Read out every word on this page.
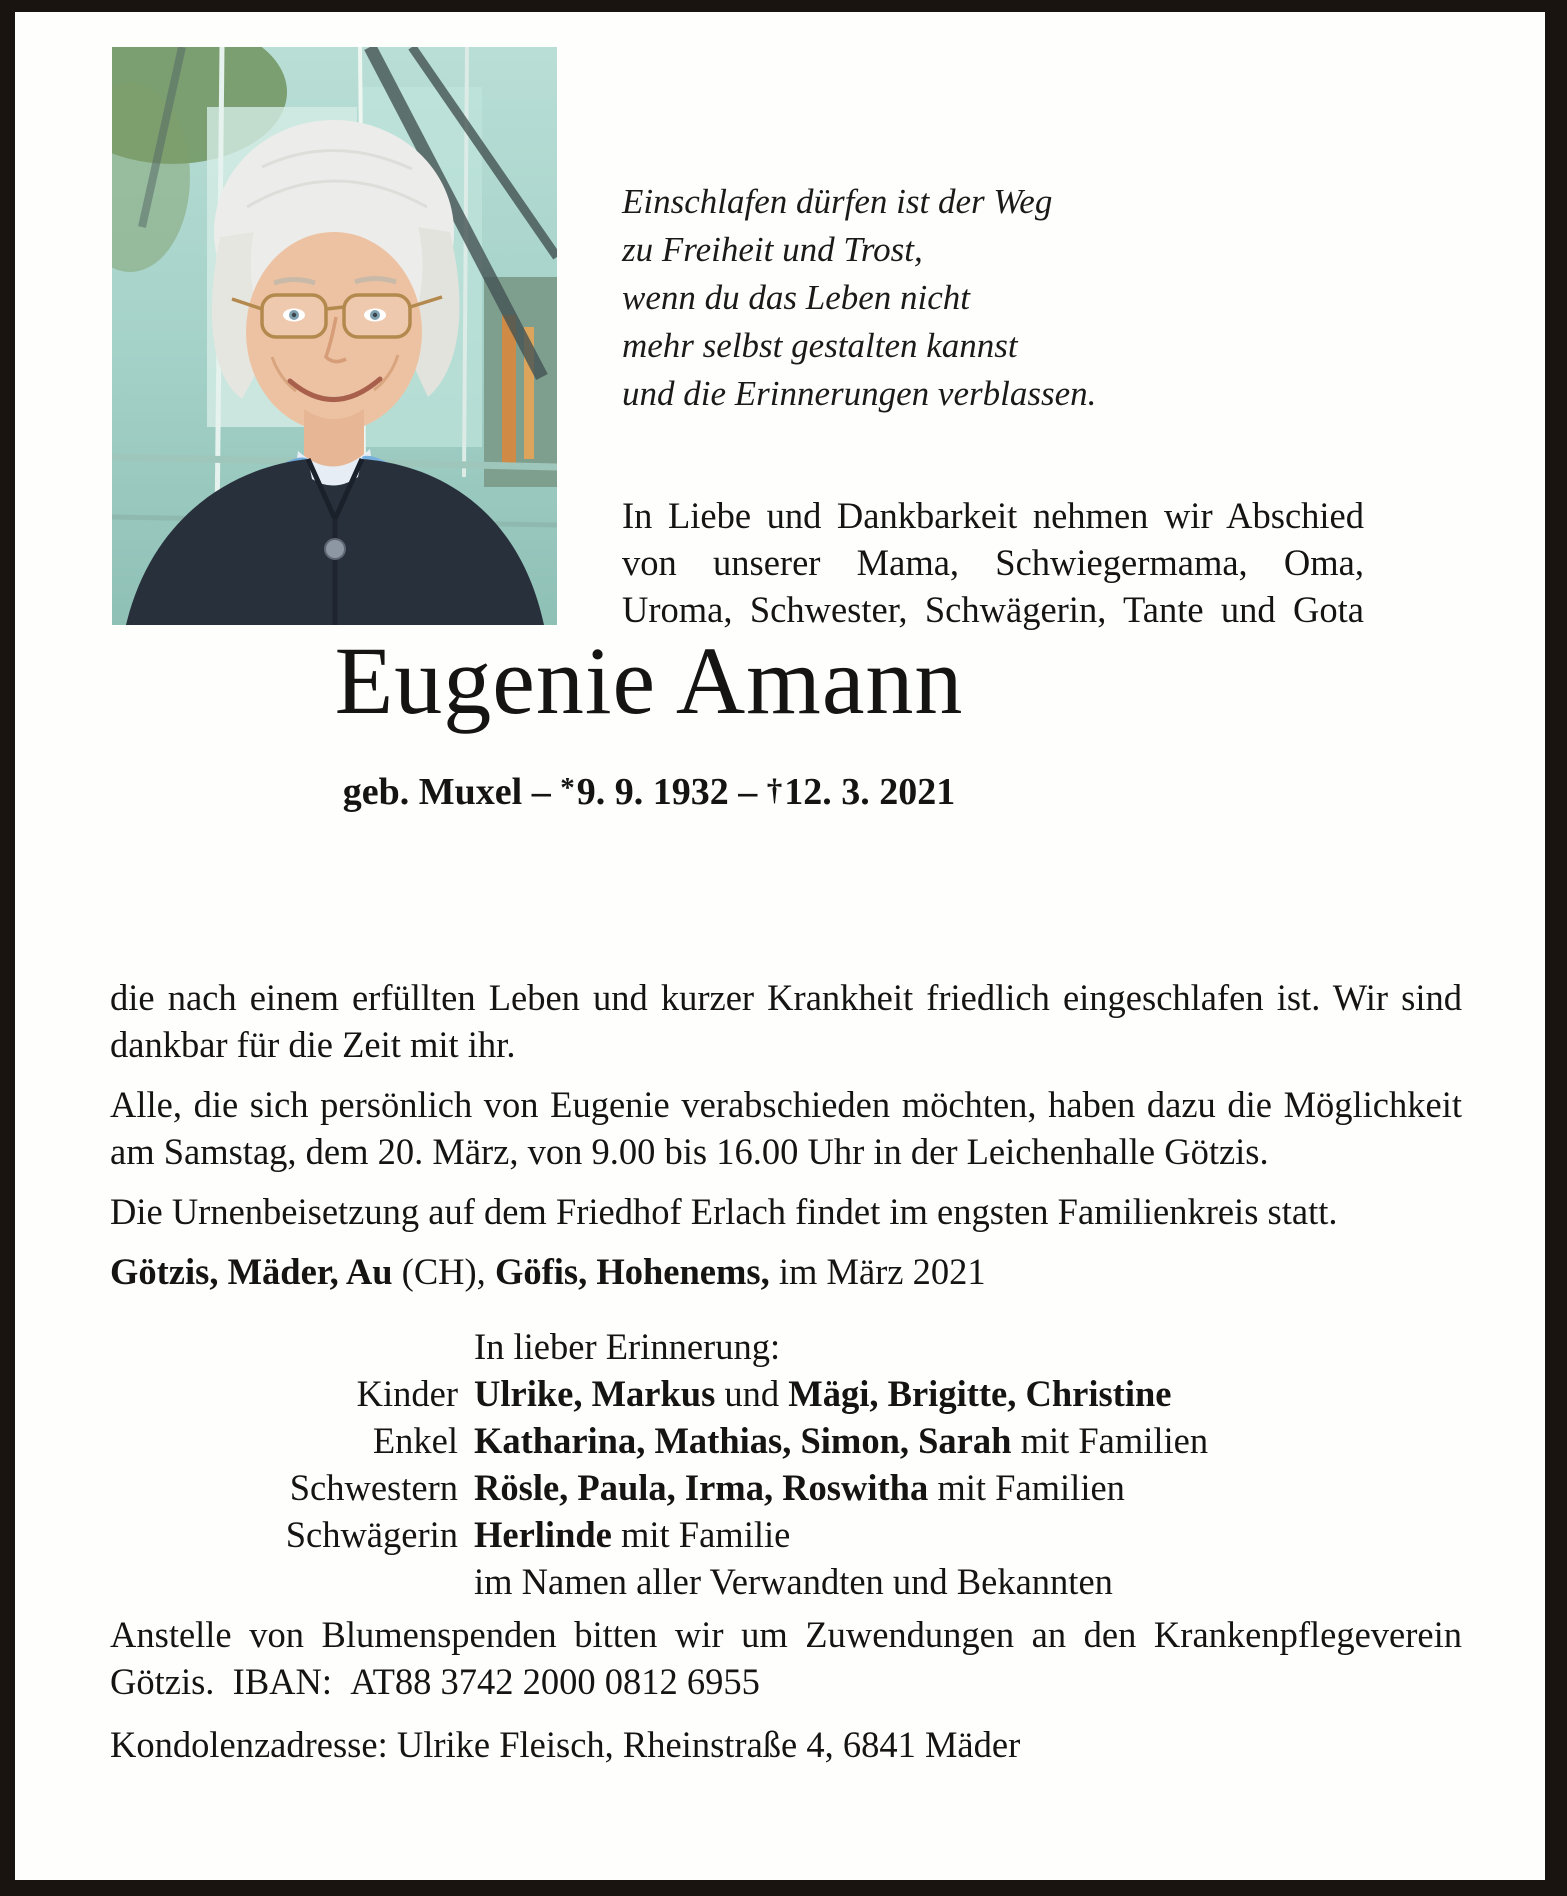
Einschlafen dürfen ist der Weg
zu Freiheit und Trost,
wenn du das Leben nicht
mehr selbst gestalten kannst
und die Erinnerungen verblassen.

In Liebe und Dankbarkeit nehmen wir Abschied von unserer Mama, Schwiegermama, Oma, Uroma, Schwester, Schwägerin, Tante und Gota

Eugenie Amann
geb. Muxel – *9. 9. 1932 – †12. 3. 2021

die nach einem erfüllten Leben und kurzer Krankheit friedlich eingeschlafen ist. Wir sind dankbar für die Zeit mit ihr.

Alle, die sich persönlich von Eugenie verabschieden möchten, haben dazu die Möglichkeit am Samstag, dem 20. März, von 9.00 bis 16.00 Uhr in der Leichenhalle Götzis.

Die Urnenbeisetzung auf dem Friedhof Erlach findet im engsten Familienkreis statt.

Götzis, Mäder, Au (CH), Göfis, Hohenems, im März 2021

In lieber Erinnerung:
Kinder Ulrike, Markus und Mägi, Brigitte, Christine
Enkel Katharina, Mathias, Simon, Sarah mit Familien
Schwestern Rösle, Paula, Irma, Roswitha mit Familien
Schwägerin Herlinde mit Familie
im Namen aller Verwandten und Bekannten

Anstelle von Blumenspenden bitten wir um Zuwendungen an den Krankenpflegeverein Götzis. IBAN: AT88 3742 2000 0812 6955

Kondolenzadresse: Ulrike Fleisch, Rheinstraße 4, 6841 Mäder
